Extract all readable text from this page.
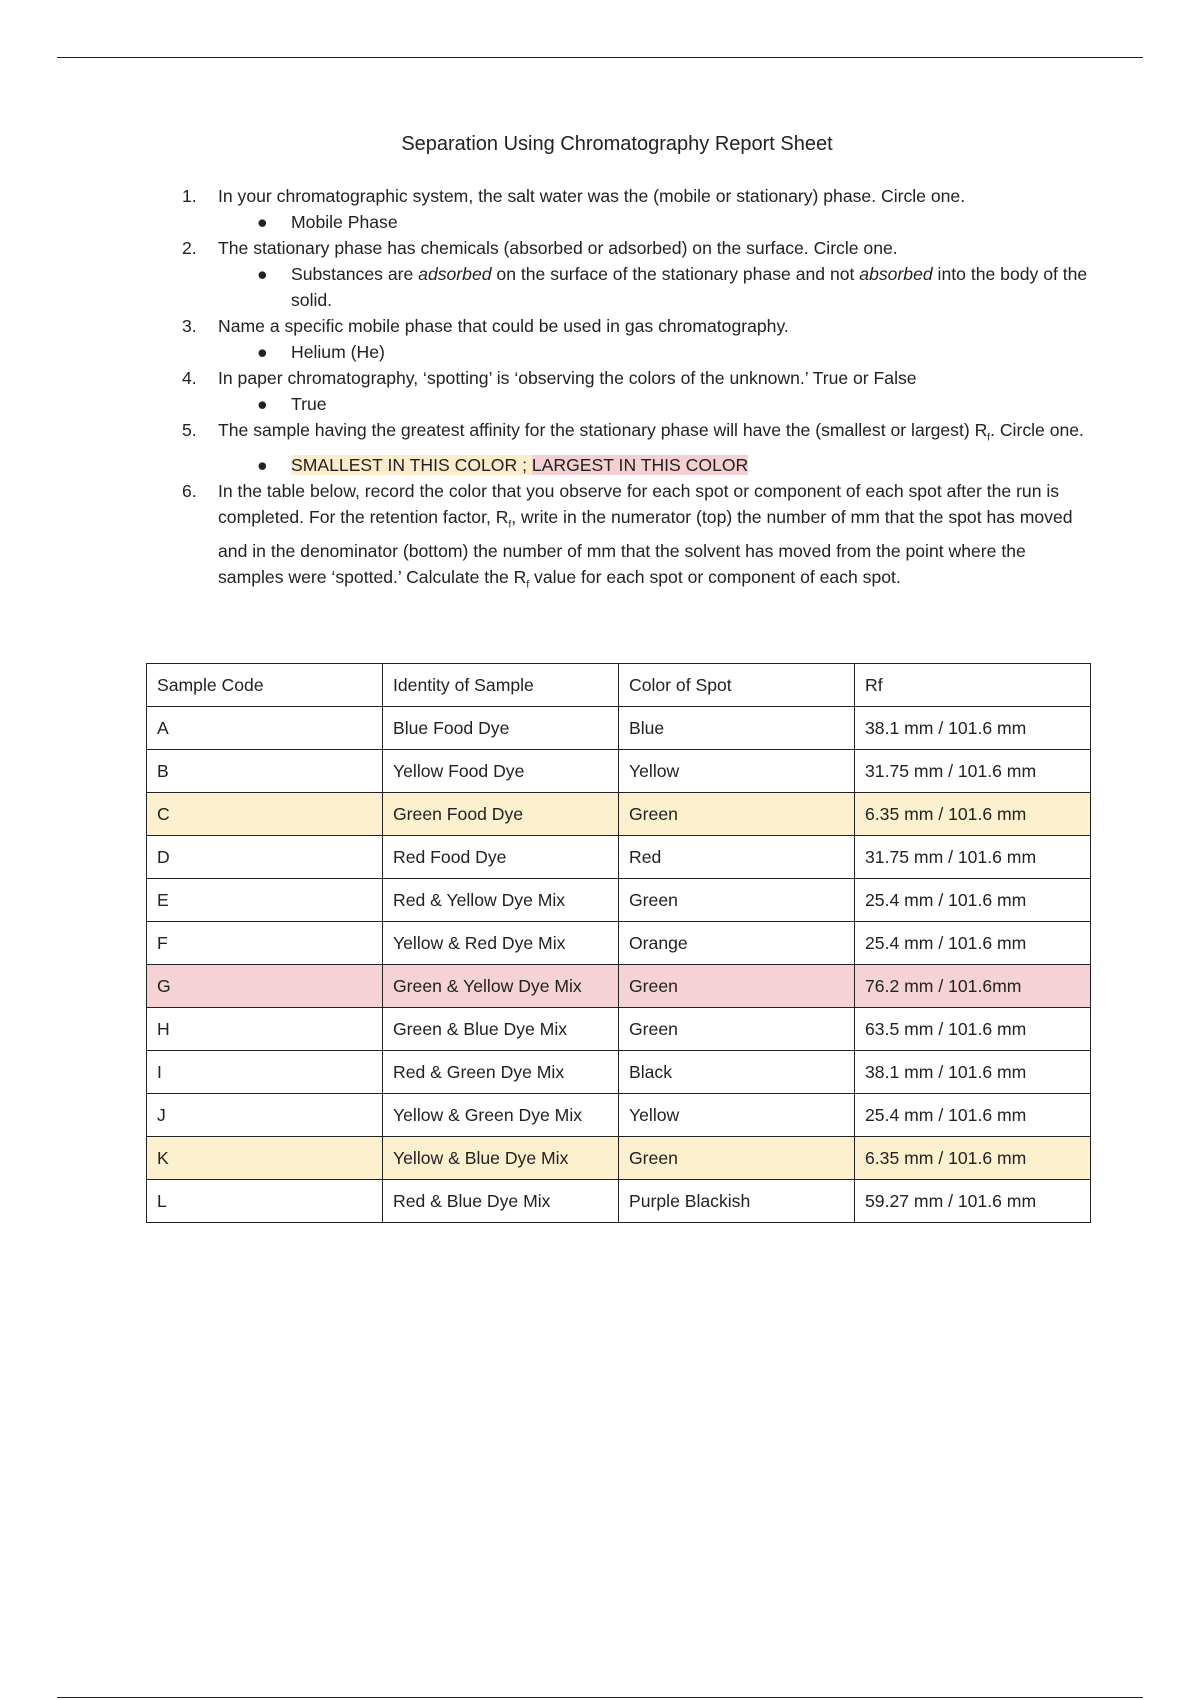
Separation Using Chromatography Report Sheet
1. In your chromatographic system, the salt water was the (mobile or stationary) phase. Circle one.
● Mobile Phase
2. The stationary phase has chemicals (absorbed or adsorbed) on the surface. Circle one.
● Substances are adsorbed on the surface of the stationary phase and not absorbed into the body of the solid.
3. Name a specific mobile phase that could be used in gas chromatography.
● Helium (He)
4. In paper chromatography, ‘spotting’ is ‘observing the colors of the unknown.’ True or False
● True
5. The sample having the greatest affinity for the stationary phase will have the (smallest or largest) $R_f$. Circle one.
● SMALLEST IN THIS COLOR ; LARGEST IN THIS COLOR
6. In the table below, record the color that you observe for each spot or component of each spot after the run is completed. For the retention factor, $R_f$, write in the numerator (top) the number of mm that the spot has moved and in the denominator (bottom) the number of mm that the solvent has moved from the point where the samples were ‘spotted.’ Calculate the $R_f$ value for each spot or component of each spot.
Sample Code	Identity of Sample	Color of Spot	Rf
A	Blue Food Dye	Blue	38.1 mm / 101.6 mm
B	Yellow Food Dye	Yellow	31.75 mm / 101.6 mm
C	Green Food Dye	Green	6.35 mm / 101.6 mm
D	Red Food Dye	Red	31.75 mm / 101.6 mm
E	Red & Yellow Dye Mix	Green	25.4 mm / 101.6 mm
F	Yellow & Red Dye Mix	Orange	25.4 mm / 101.6 mm
G	Green & Yellow Dye Mix	Green	76.2 mm / 101.6mm
H	Green & Blue Dye Mix	Green	63.5 mm / 101.6 mm
I	Red & Green Dye Mix	Black	38.1 mm / 101.6 mm
J	Yellow & Green Dye Mix	Yellow	25.4 mm / 101.6 mm
K	Yellow & Blue Dye Mix	Green	6.35 mm / 101.6 mm
L	Red & Blue Dye Mix	Purple Blackish	59.27 mm / 101.6 mm
